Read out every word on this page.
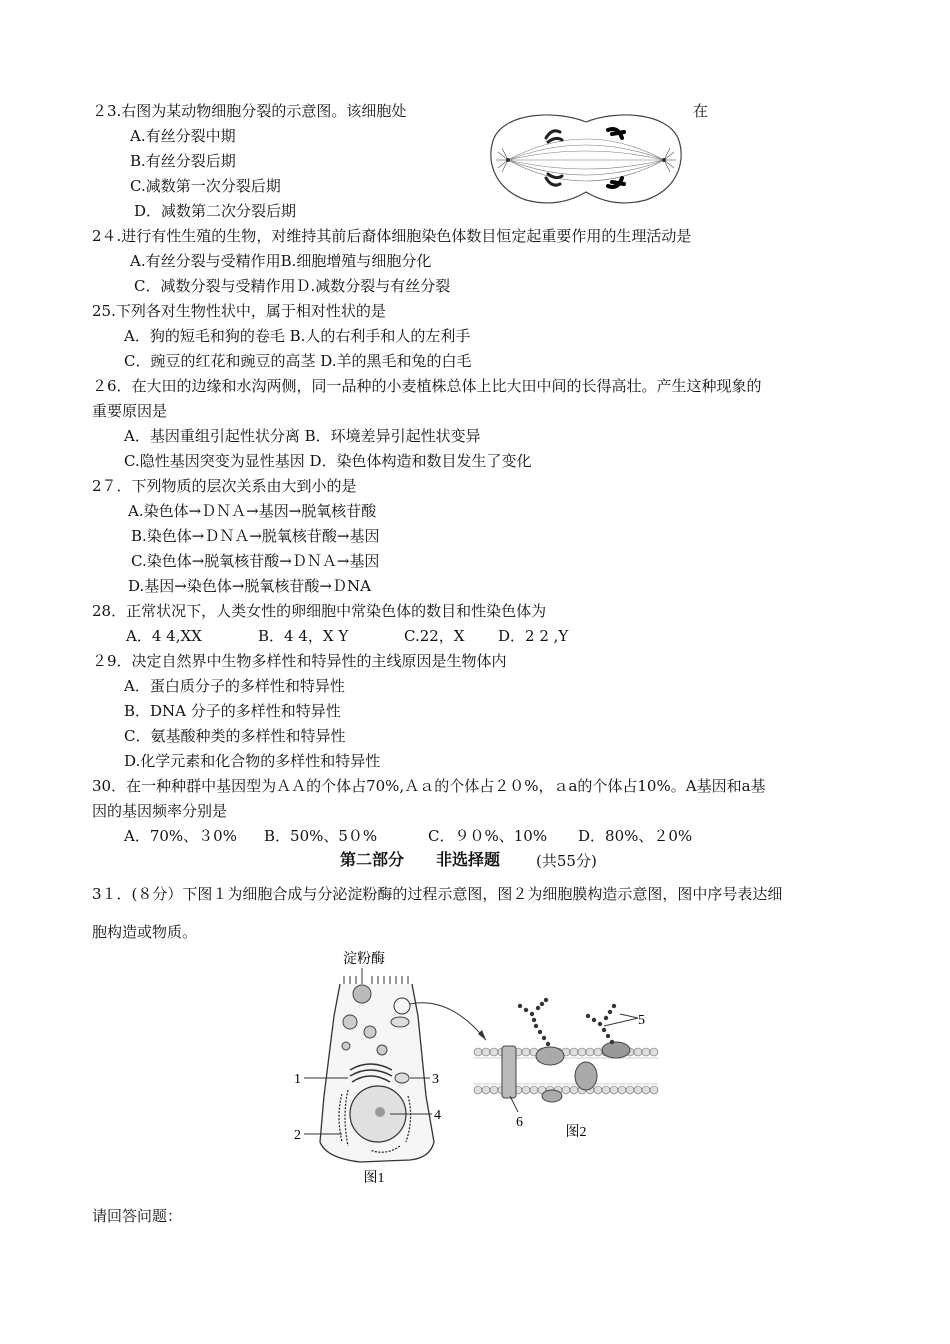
２3.右图为某动物细胞分裂的示意图。该细胞处	在
A.有丝分裂中期
B.有丝分裂后期
C.减数第一次分裂后期
D．减数第二次分裂后期
2４.进行有性生殖的生物，对维持其前后裔体细胞染色体数目恒定起重要作用的生理活动是
A.有丝分裂与受精作用B.细胞增殖与细胞分化
C．减数分裂与受精作用Ｄ.减数分裂与有丝分裂
25.下列各对生物性状中，属于相对性状的是
A．狗的短毛和狗的卷毛 B.人的右利手和人的左利手
C．豌豆的红花和豌豆的高茎 D.羊的黑毛和兔的白毛
２6．在大田的边缘和水沟两侧，同一品种的小麦植株总体上比大田中间的长得高壮。产生这种现象的
重要原因是
A．基因重组引起性状分离 B．环境差异引起性状变异
C.隐性基因突变为显性基因 D．染色体构造和数目发生了变化
2７．下列物质的层次关系由大到小的是
A.染色体→ＤＮＡ→基因→脱氧核苷酸
B.染色体→ＤＮＡ→脱氧核苷酸→基因
C.染色体→脱氧核苷酸→ＤＮＡ→基因
D.基因→染色体→脱氧核苷酸→ＤNA
28．正常状况下，人类女性的卵细胞中常染色体的数目和性染色体为
A．4 4,XX	B．4 4，X Y	C.22，X D．2 2 ,Y
２9．决定自然界中生物多样性和特异性的主线原因是生物体内
A．蛋白质分子的多样性和特异性
B．DNA 分子的多样性和特异性
C．氨基酸种类的多样性和特异性
D.化学元素和化合物的多样性和特异性
30．在一种种群中基因型为ＡＡ的个体占70%,Ａａ的个体占２０%，ａa的个体占10%。A基因和a基
因的基因频率分别是
A．70%、３0% B．50%、5０%	C．９０%、10% D．80%、２0%
第二部分　　非选择题 (共55分)
3１．(８分）下图１为细胞合成与分泌淀粉酶的过程示意图，图２为细胞膜构造示意图，图中序号表达细
胞构造或物质。
淀粉酶
1
2
3
4
图1
5
6
图2
请回答问题：
